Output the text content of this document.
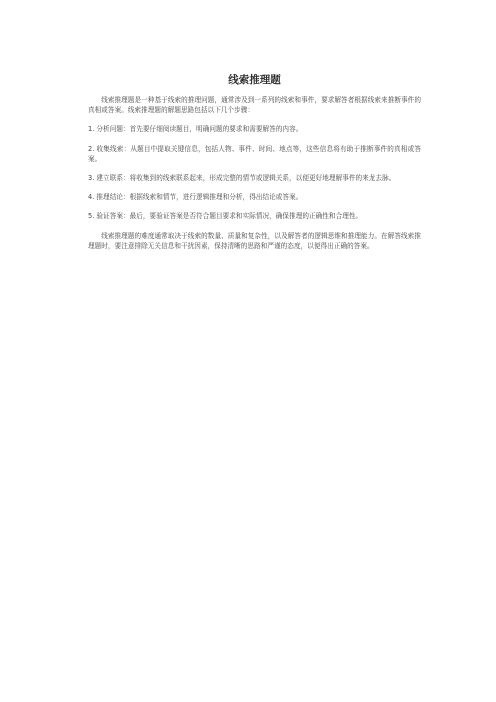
线索推理题

线索推理题是一种基于线索的推理问题，通常涉及到一系列的线索和事件，要求解答者根据线索来推断事件的真相或答案。线索推理题的解题思路包括以下几个步骤：

1. 分析问题：首先要仔细阅读题目，明确问题的要求和需要解答的内容。

2. 收集线索：从题目中提取关键信息，包括人物、事件、时间、地点等，这些信息将有助于推断事件的真相或答案。

3. 建立联系：将收集到的线索联系起来，形成完整的情节或逻辑关系，以便更好地理解事件的来龙去脉。

4. 推理结论：根据线索和情节，进行逻辑推理和分析，得出结论或答案。

5. 验证答案：最后，要验证答案是否符合题目要求和实际情况，确保推理的正确性和合理性。

线索推理题的难度通常取决于线索的数量、质量和复杂性，以及解答者的逻辑思维和推理能力。在解答线索推理题时，要注意排除无关信息和干扰因素，保持清晰的思路和严谨的态度，以便得出正确的答案。
